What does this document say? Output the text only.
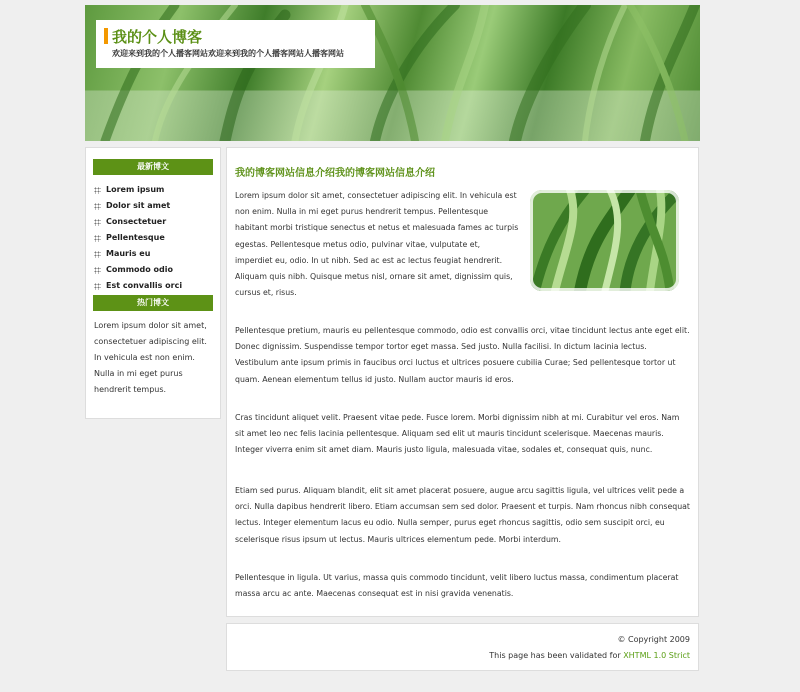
我的个人博客
欢迎来到我的个人播客网站欢迎来到我的个人播客网站人播客网站
最新博文
Lorem ipsum
Dolor sit amet
Consectetuer
Pellentesque
Mauris eu
Commodo odio
Est convallis orci
热门博文
Lorem ipsum dolor sit amet, consectetuer adipiscing elit. In vehicula est non enim. Nulla in mi eget purus hendrerit tempus.
我的博客网站信息介绍我的博客网站信息介绍

Lorem ipsum dolor sit amet, consectetuer adipiscing elit. In vehicula est non enim. Nulla in mi eget purus hendrerit tempus. Pellentesque habitant morbi tristique senectus et netus et malesuada fames ac turpis egestas. Pellentesque metus odio, pulvinar vitae, vulputate et, imperdiet eu, odio. In ut nibh. Sed ac est ac lectus feugiat hendrerit. Aliquam quis nibh. Quisque metus nisl, ornare sit amet, dignissim quis, cursus et, risus.

Pellentesque pretium, mauris eu pellentesque commodo, odio est convallis orci, vitae tincidunt lectus ante eget elit. Donec dignissim. Suspendisse tempor tortor eget massa. Sed justo. Nulla facilisi. In dictum lacinia lectus. Vestibulum ante ipsum primis in faucibus orci luctus et ultrices posuere cubilia Curae; Sed pellentesque tortor ut quam. Aenean elementum tellus id justo. Nullam auctor mauris id eros.

Cras tincidunt aliquet velit. Praesent vitae pede. Fusce lorem. Morbi dignissim nibh at mi. Curabitur vel eros. Nam sit amet leo nec felis lacinia pellentesque. Aliquam sed elit ut mauris tincidunt scelerisque. Maecenas mauris. Integer viverra enim sit amet diam. Mauris justo ligula, malesuada vitae, sodales et, consequat quis, nunc.

Etiam sed purus. Aliquam blandit, elit sit amet placerat posuere, augue arcu sagittis ligula, vel ultrices velit pede a orci. Nulla dapibus hendrerit libero. Etiam accumsan sem sed dolor. Praesent et turpis. Nam rhoncus nibh consequat lectus. Integer elementum lacus eu odio. Nulla semper, purus eget rhoncus sagittis, odio sem suscipit orci, eu scelerisque risus ipsum ut lectus. Mauris ultrices elementum pede. Morbi interdum.

Pellentesque in ligula. Ut varius, massa quis commodo tincidunt, velit libero luctus massa, condimentum placerat massa arcu ac ante. Maecenas consequat est in nisi gravida venenatis.

© Copyright 2009
This page has been validated for XHTML 1.0 Strict
